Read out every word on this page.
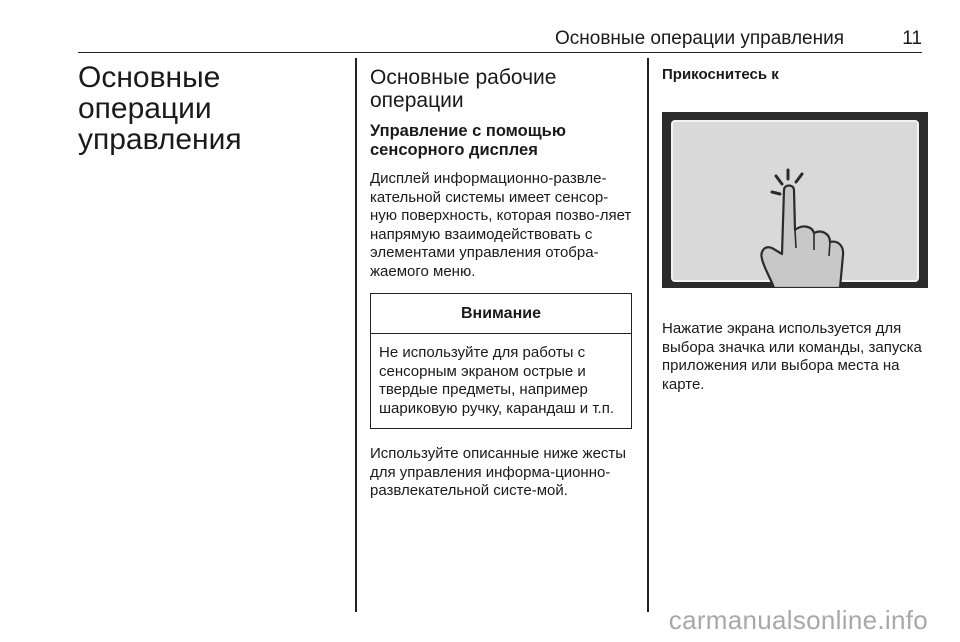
Основные операции управления	11
Основные операции управления
Основные рабочие операции
Управление с помощью сенсорного дисплея

Дисплей информационно-развле-кательной системы имеет сенсор-ную поверхность, которая позво-ляет напрямую взаимодействовать с элементами управления отобра-жаемого меню.

Внимание
Не используйте для работы с сенсорным экраном острые и твердые предметы, например шариковую ручку, карандаш и т.п.

Используйте описанные ниже жесты для управления информа-ционно-развлекательной систе-мой.

Прикоснитесь к

Нажатие экрана используется для выбора значка или команды, запуска приложения или выбора места на карте.

carmanualsonline.info
